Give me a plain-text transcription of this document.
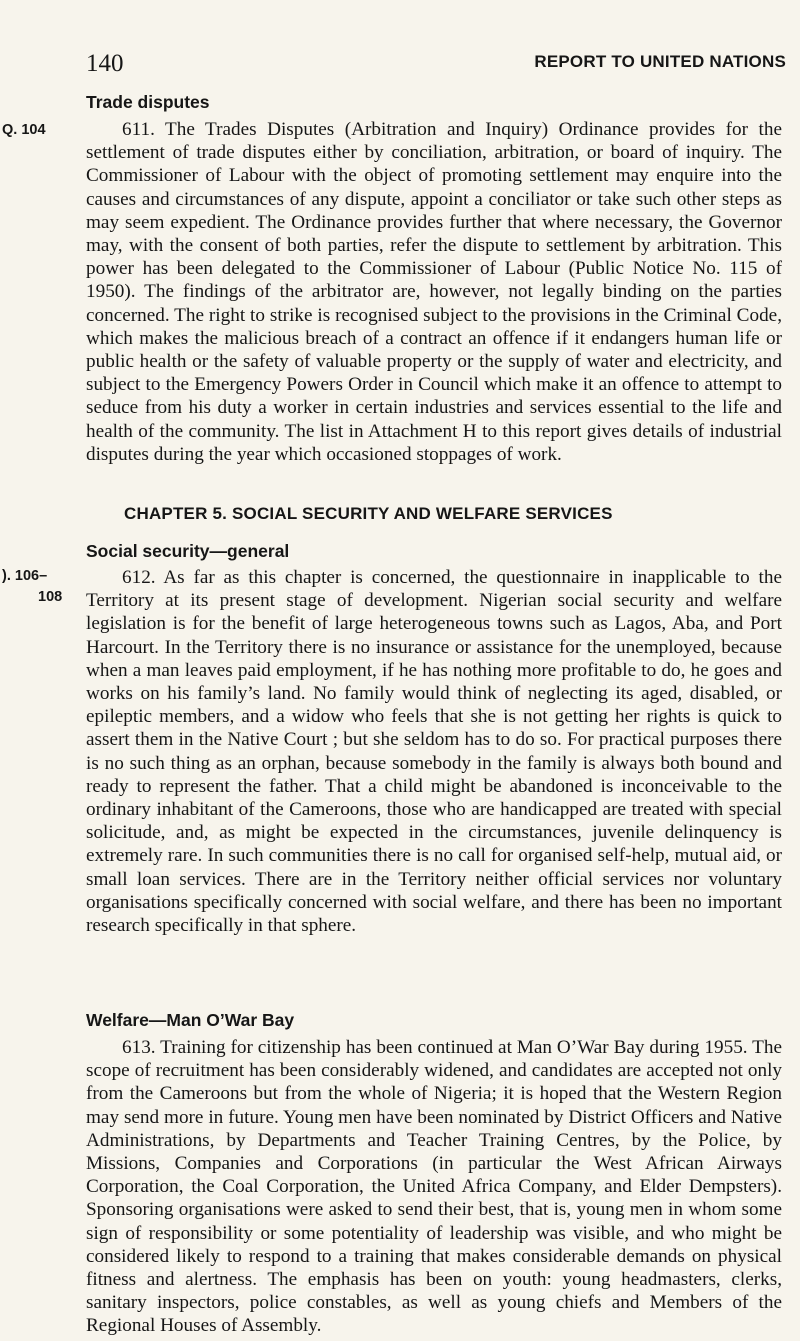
140	REPORT TO UNITED NATIONS
Trade disputes
Q. 104	611. The Trades Disputes (Arbitration and Inquiry) Ordinance provides for the settlement of trade disputes either by conciliation, arbitration, or board of inquiry. The Commissioner of Labour with the object of promoting settlement may enquire into the causes and circumstances of any dispute, appoint a conciliator or take such other steps as may seem expedient. The Ordinance provides further that where necessary, the Governor may, with the consent of both parties, refer the dispute to settlement by arbitration. This power has been delegated to the Commissioner of Labour (Public Notice No. 115 of 1950). The findings of the arbitrator are, however, not legally binding on the parties concerned. The right to strike is recognised subject to the provisions in the Criminal Code, which makes the malicious breach of a contract an offence if it endangers human life or public health or the safety of valuable property or the supply of water and electricity, and subject to the Emergency Powers Order in Council which make it an offence to attempt to seduce from his duty a worker in certain industries and services essential to the life and health of the community. The list in Attachment H to this report gives details of industrial disputes during the year which occasioned stoppages of work.

CHAPTER 5. SOCIAL SECURITY AND WELFARE SERVICES
Social security—general
). 106–
108

612. As far as this chapter is concerned, the questionnaire in inapplicable to the Territory at its present stage of development. Nigerian social security and welfare legislation is for the benefit of large heterogeneous towns such as Lagos, Aba, and Port Harcourt. In the Territory there is no insurance or assistance for the unemployed, because when a man leaves paid employment, if he has nothing more profitable to do, he goes and works on his family’s land. No family would think of neglecting its aged, disabled, or epileptic members, and a widow who feels that she is not getting her rights is quick to assert them in the Native Court ; but she seldom has to do so. For practical purposes there is no such thing as an orphan, because somebody in the family is always both bound and ready to represent the father. That a child might be abandoned is inconceivable to the ordinary inhabitant of the Cameroons, those who are handicapped are treated with special solicitude, and, as might be expected in the circumstances, juvenile delinquency is extremely rare. In such communities there is no call for organised self-help, mutual aid, or small loan services. There are in the Territory neither official services nor voluntary organisations specifically concerned with social welfare, and there has been no important research specifically in that sphere.

Welfare—Man O’War Bay

613. Training for citizenship has been continued at Man O’War Bay during 1955. The scope of recruitment has been considerably widened, and candidates are accepted not only from the Cameroons but from the whole of Nigeria; it is hoped that the Western Region may send more in future. Young men have been nominated by District Officers and Native Administrations, by Departments and Teacher Training Centres, by the Police, by Missions, Companies and Corporations (in particular the West African Airways Corporation, the Coal Corporation, the United Africa Company, and Elder Dempsters). Sponsoring organisations were asked to send their best, that is, young men in whom some sign of responsibility or some potentiality of leadership was visible, and who might be considered likely to respond to a training that makes considerable demands on physical fitness and alertness. The emphasis has been on youth: young headmasters, clerks, sanitary inspectors, police constables, as well as young chiefs and Members of the Regional Houses of Assembly.
